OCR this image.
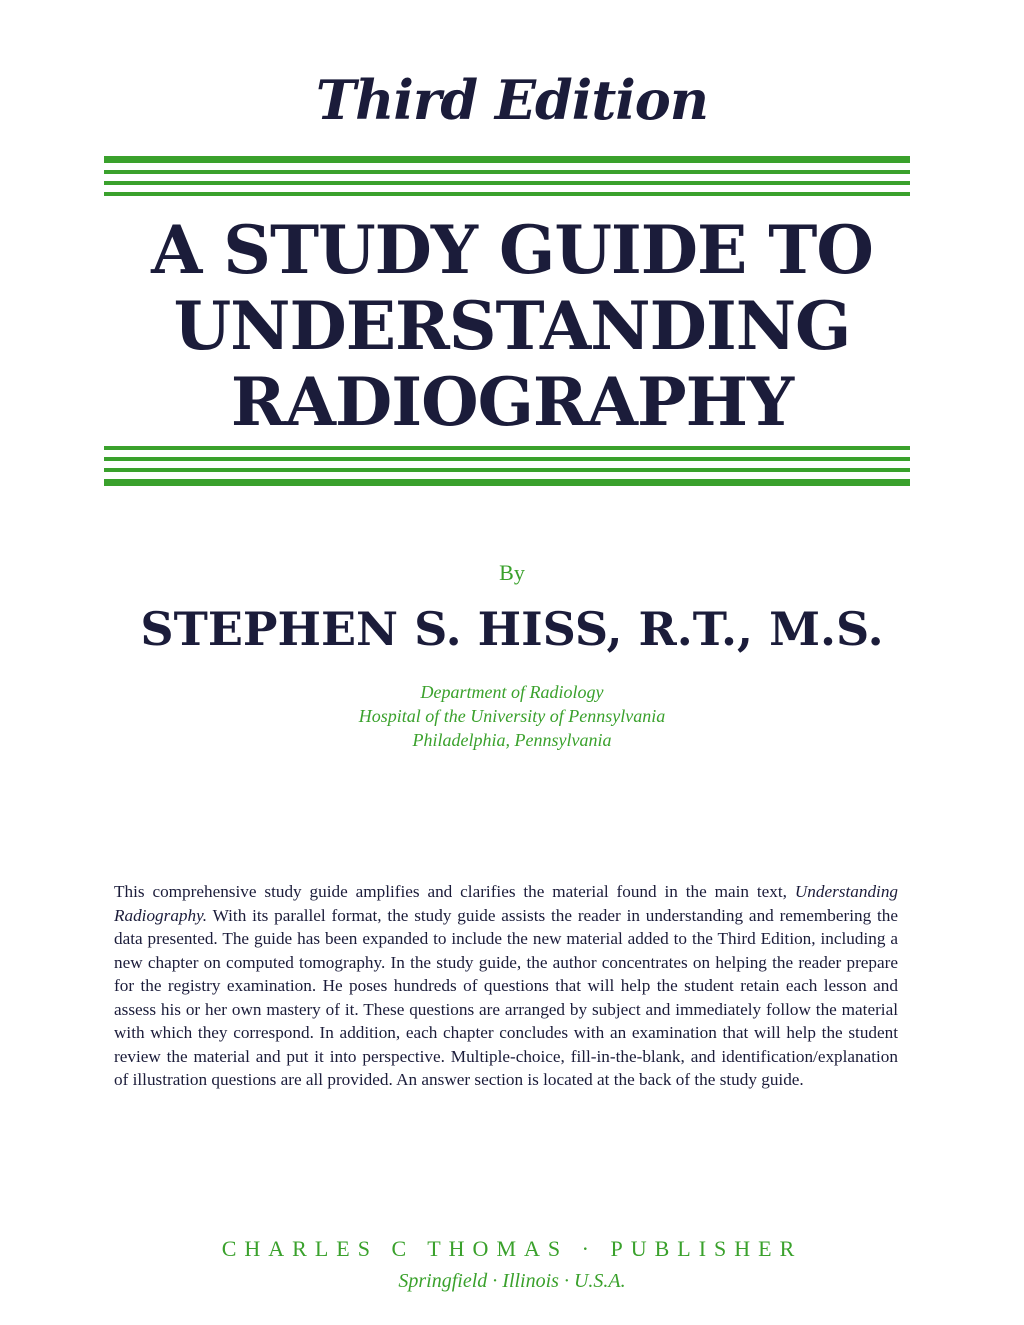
Third Edition
A STUDY GUIDE TO
UNDERSTANDING
RADIOGRAPHY
By
STEPHEN S. HISS, R.T., M.S.
Department of Radiology
Hospital of the University of Pennsylvania
Philadelphia, Pennsylvania
This comprehensive study guide amplifies and clarifies the material found in the main text, Understanding Radiography. With its parallel format, the study guide assists the reader in understanding and remembering the data presented. The guide has been expanded to include the new material added to the Third Edition, including a new chapter on computed tomography. In the study guide, the author concentrates on helping the reader prepare for the registry examination. He poses hundreds of questions that will help the student retain each lesson and assess his or her own mastery of it. These questions are arranged by subject and immediately follow the material with which they correspond. In addition, each chapter concludes with an examination that will help the student review the material and put it into perspective. Multiple-choice, fill-in-the-blank, and identification/explanation of illustration questions are all provided. An answer section is located at the back of the study guide.
CHARLES C THOMAS · PUBLISHER
Springfield · Illinois · U.S.A.
